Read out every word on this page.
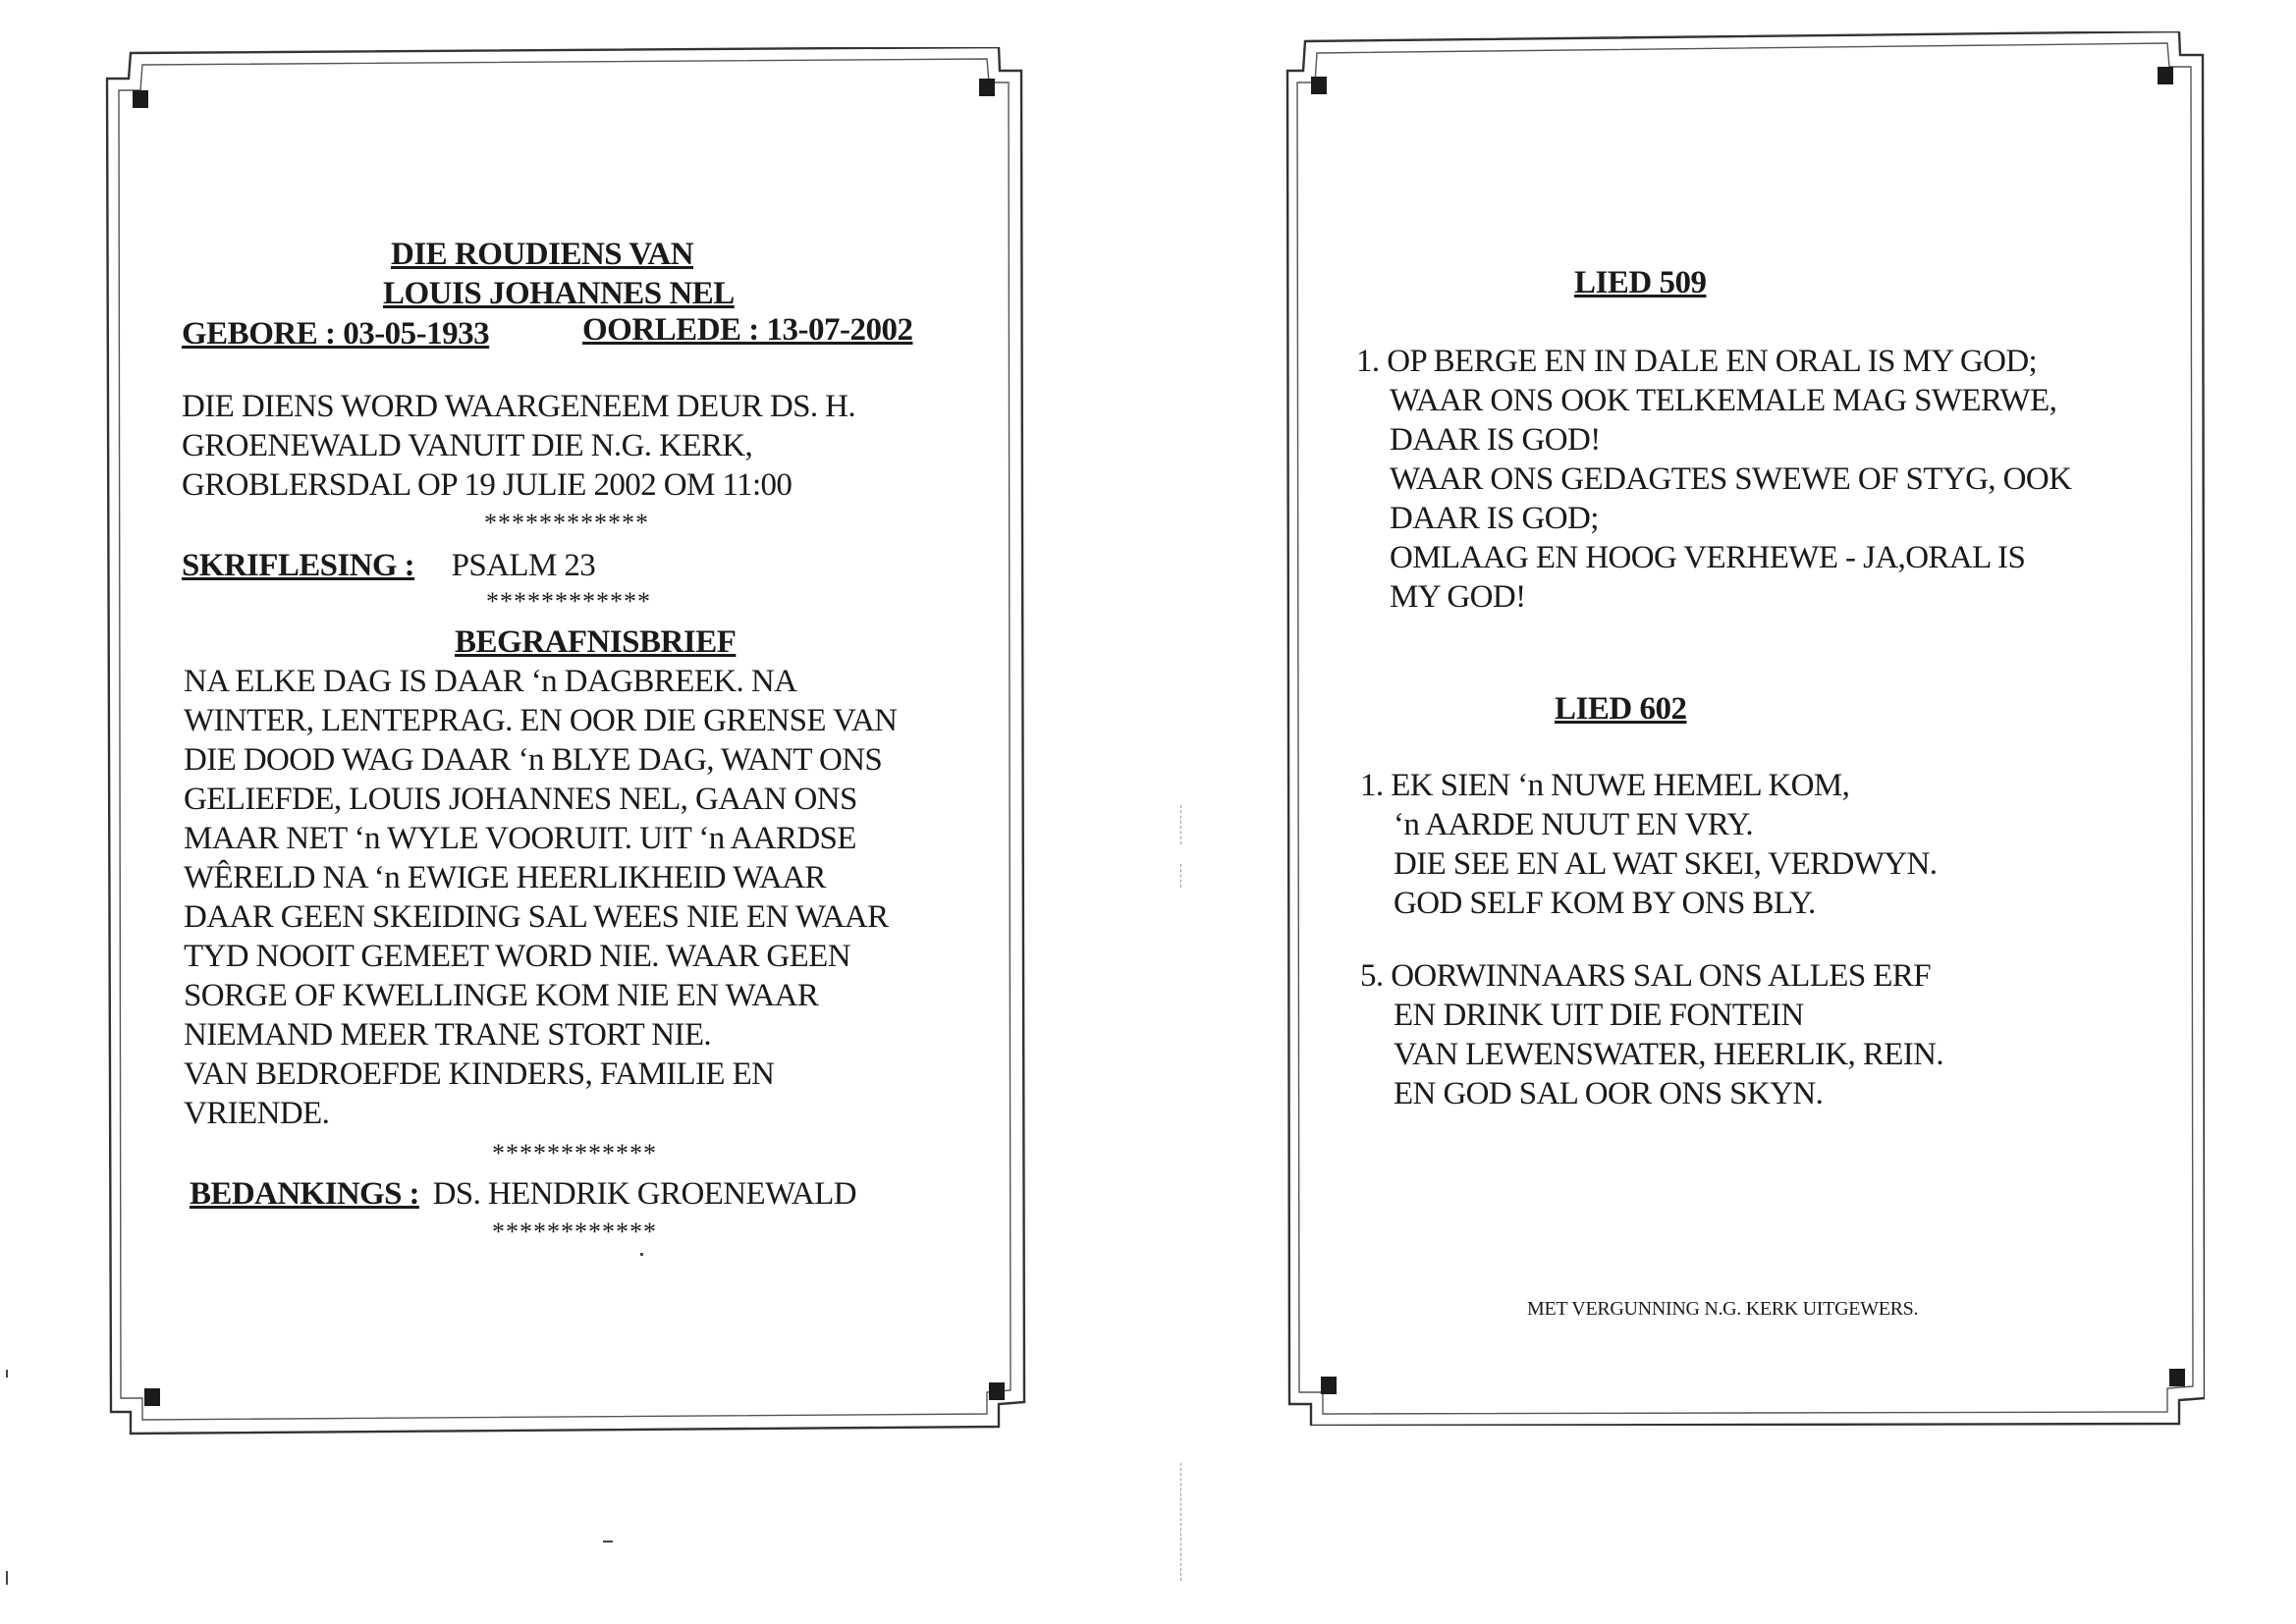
DIE ROUDIENS VAN
LOUIS JOHANNES NEL
GEBORE : 03-05-1933	OORLEDE : 13-07-2002
DIE DIENS WORD WAARGENEEM DEUR DS. H.
GROENEWALD VANUIT DIE N.G. KERK,
GROBLERSDAL OP 19 JULIE 2002 OM 11:00
************
SKRIFLESING : PSALM 23
************
BEGRAFNISBRIEF
NA ELKE DAG IS DAAR ‘n DAGBREEK. NA
WINTER, LENTEPRAG. EN OOR DIE GRENSE VAN
DIE DOOD WAG DAAR ‘n BLYE DAG, WANT ONS
GELIEFDE, LOUIS JOHANNES NEL, GAAN ONS
MAAR NET ‘n WYLE VOORUIT. UIT ‘n AARDSE
WÊRELD NA ‘n EWIGE HEERLIKHEID WAAR
DAAR GEEN SKEIDING SAL WEES NIE EN WAAR
TYD NOOIT GEMEET WORD NIE. WAAR GEEN
SORGE OF KWELLINGE KOM NIE EN WAAR
NIEMAND MEER TRANE STORT NIE.
VAN BEDROEFDE KINDERS, FAMILIE EN
VRIENDE.
************
BEDANKINGS : DS. HENDRIK GROENEWALD
************
LIED 509
1. OP BERGE EN IN DALE EN ORAL IS MY GOD;
WAAR ONS OOK TELKEMALE MAG SWERWE,
DAAR IS GOD!
WAAR ONS GEDAGTES SWEWE OF STYG, OOK
DAAR IS GOD;
OMLAAG EN HOOG VERHEWE - JA,ORAL IS
MY GOD!
LIED 602
1. EK SIEN ‘n NUWE HEMEL KOM,
‘n AARDE NUUT EN VRY.
DIE SEE EN AL WAT SKEI, VERDWYN.
GOD SELF KOM BY ONS BLY.
5. OORWINNAARS SAL ONS ALLES ERF
EN DRINK UIT DIE FONTEIN
VAN LEWENSWATER, HEERLIK, REIN.
EN GOD SAL OOR ONS SKYN.
MET VERGUNNING N.G. KERK UITGEWERS.
